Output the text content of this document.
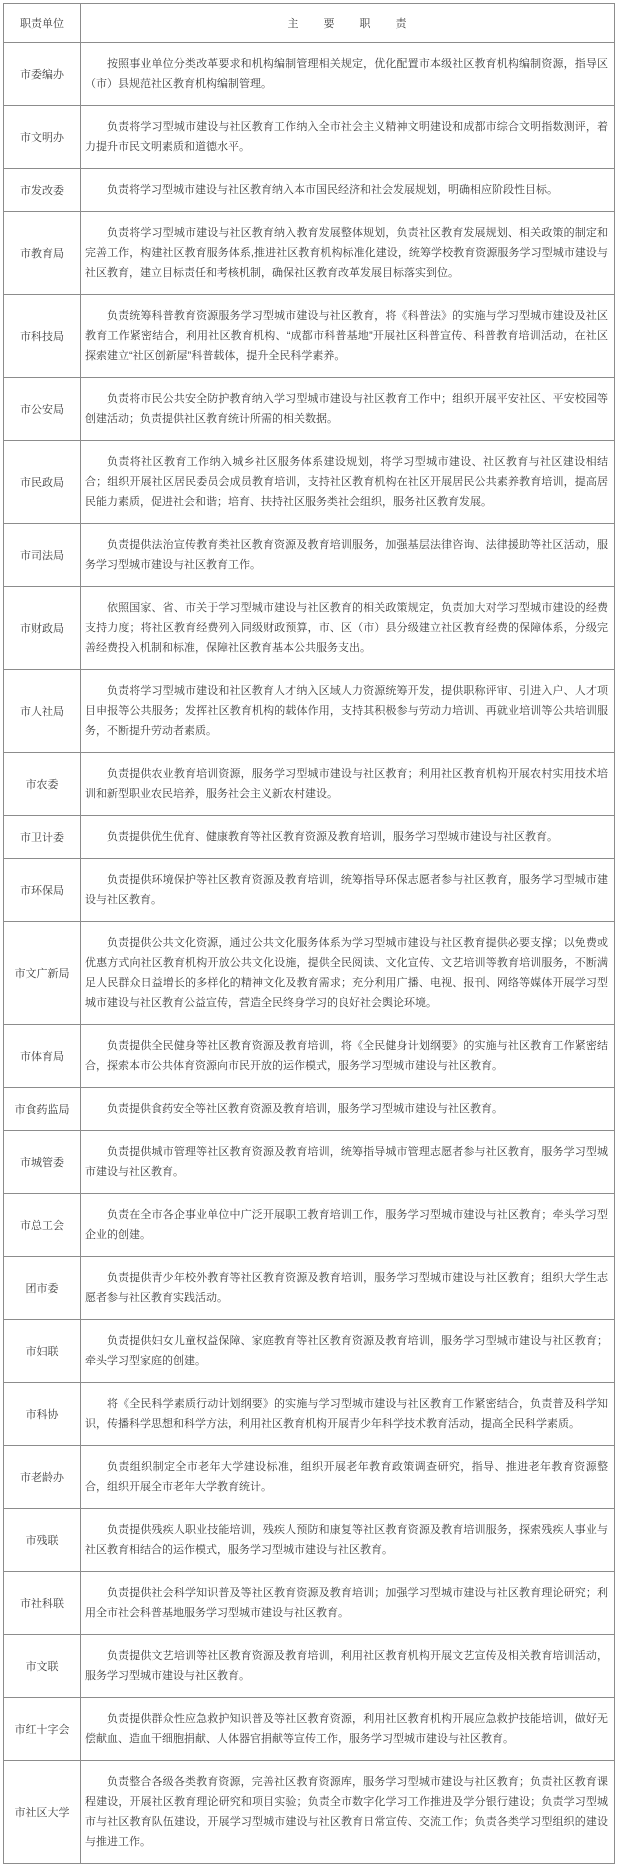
职责单位	主　　要　　职　　责
市委编办	按照事业单位分类改革要求和机构编制管理相关规定，优化配置市本级社区教育机构编制资源，指导区（市）县规范社区教育机构编制管理。

市文明办	负责将学习型城市建设与社区教育工作纳入全市社会主义精神文明建设和成都市综合文明指数测评，着力提升市民文明素质和道德水平。

市发改委	负责将学习型城市建设与社区教育纳入本市国民经济和社会发展规划，明确相应阶段性目标。

市教育局	负责将学习型城市建设与社区教育纳入教育发展整体规划，负责社区教育发展规划、相关政策的制定和完善工作，构建社区教育服务体系,推进社区教育机构标准化建设，统筹学校教育资源服务学习型城市建设与社区教育，建立目标责任和考核机制，确保社区教育改革发展目标落实到位。

市科技局	负责统筹科普教育资源服务学习型城市建设与社区教育，将《科普法》的实施与学习型城市建设及社区教育工作紧密结合，利用社区教育机构、“成都市科普基地”开展社区科普宣传、科普教育培训活动，在社区探索建立“社区创新屋”科普载体，提升全民科学素养。

市公安局	负责将市民公共安全防护教育纳入学习型城市建设与社区教育工作中；组织开展平安社区、平安校园等创建活动；负责提供社区教育统计所需的相关数据。

市民政局	负责将社区教育工作纳入城乡社区服务体系建设规划，将学习型城市建设、社区教育与社区建设相结合；组织开展社区居民委员会成员教育培训，支持社区教育机构在社区开展居民公共素养教育培训，提高居民能力素质，促进社会和谐；培育、扶持社区服务类社会组织，服务社区教育发展。

市司法局	负责提供法治宣传教育类社区教育资源及教育培训服务，加强基层法律咨询、法律援助等社区活动，服务学习型城市建设与社区教育工作。

市财政局	依照国家、省、市关于学习型城市建设与社区教育的相关政策规定，负责加大对学习型城市建设的经费支持力度；将社区教育经费列入同级财政预算，市、区（市）县分级建立社区教育经费的保障体系，分级完善经费投入机制和标准，保障社区教育基本公共服务支出。

市人社局	负责将学习型城市建设和社区教育人才纳入区域人力资源统筹开发，提供职称评审、引进入户、人才项目申报等公共服务；发挥社区教育机构的载体作用，支持其积极参与劳动力培训、再就业培训等公共培训服务，不断提升劳动者素质。

市农委	负责提供农业教育培训资源，服务学习型城市建设与社区教育；利用社区教育机构开展农村实用技术培训和新型职业农民培养，服务社会主义新农村建设。

市卫计委	负责提供优生优育、健康教育等社区教育资源及教育培训，服务学习型城市建设与社区教育。

市环保局	负责提供环境保护等社区教育资源及教育培训，统筹指导环保志愿者参与社区教育，服务学习型城市建设与社区教育。

市文广新局	负责提供公共文化资源，通过公共文化服务体系为学习型城市建设与社区教育提供必要支撑；以免费或优惠方式向社区教育机构开放公共文化设施，提供全民阅读、文化宣传、文艺培训等教育培训服务，不断满足人民群众日益增长的多样化的精神文化及教育需求；充分利用广播、电视、报刊、网络等媒体开展学习型城市建设与社区教育公益宣传，营造全民终身学习的良好社会舆论环境。

市体育局	负责提供全民健身等社区教育资源及教育培训，将《全民健身计划纲要》的实施与社区教育工作紧密结合，探索本市公共体育资源向市民开放的运作模式，服务学习型城市建设与社区教育。

市食药监局	负责提供食药安全等社区教育资源及教育培训，服务学习型城市建设与社区教育。

市城管委	负责提供城市管理等社区教育资源及教育培训，统筹指导城市管理志愿者参与社区教育，服务学习型城市建设与社区教育。

市总工会	负责在全市各企事业单位中广泛开展职工教育培训工作，服务学习型城市建设与社区教育；牵头学习型企业的创建。

团市委	负责提供青少年校外教育等社区教育资源及教育培训，服务学习型城市建设与社区教育；组织大学生志愿者参与社区教育实践活动。

市妇联	负责提供妇女儿童权益保障、家庭教育等社区教育资源及教育培训，服务学习型城市建设与社区教育；牵头学习型家庭的创建。

市科协	将《全民科学素质行动计划纲要》的实施与学习型城市建设与社区教育工作紧密结合，负责普及科学知识，传播科学思想和科学方法，利用社区教育机构开展青少年科学技术教育活动，提高全民科学素质。

市老龄办	负责组织制定全市老年大学建设标准，组织开展老年教育政策调查研究，指导、推进老年教育资源整合，组织开展全市老年大学教育统计。

市残联	负责提供残疾人职业技能培训，残疾人预防和康复等社区教育资源及教育培训服务，探索残疾人事业与社区教育相结合的运作模式，服务学习型城市建设与社区教育。

市社科联	负责提供社会科学知识普及等社区教育资源及教育培训；加强学习型城市建设与社区教育理论研究；利用全市社会科普基地服务学习型城市建设与社区教育。

市文联	负责提供文艺培训等社区教育资源及教育培训，利用社区教育机构开展文艺宣传及相关教育培训活动，服务学习型城市建设与社区教育。

市红十字会	负责提供群众性应急救护知识普及等社区教育资源，利用社区教育机构开展应急救护技能培训，做好无偿献血、造血干细胞捐献、人体器官捐献等宣传工作，服务学习型城市建设与社区教育。

市社区大学	负责整合各级各类教育资源，完善社区教育资源库，服务学习型城市建设与社区教育；负责社区教育课程建设，开展社区教育理论研究和项目实验；负责全市数字化学习工作推进及学分银行建设；负责学习型城市与社区教育队伍建设，开展学习型城市建设与社区教育日常宣传、交流工作；负责各类学习型组织的建设与推进工作。
